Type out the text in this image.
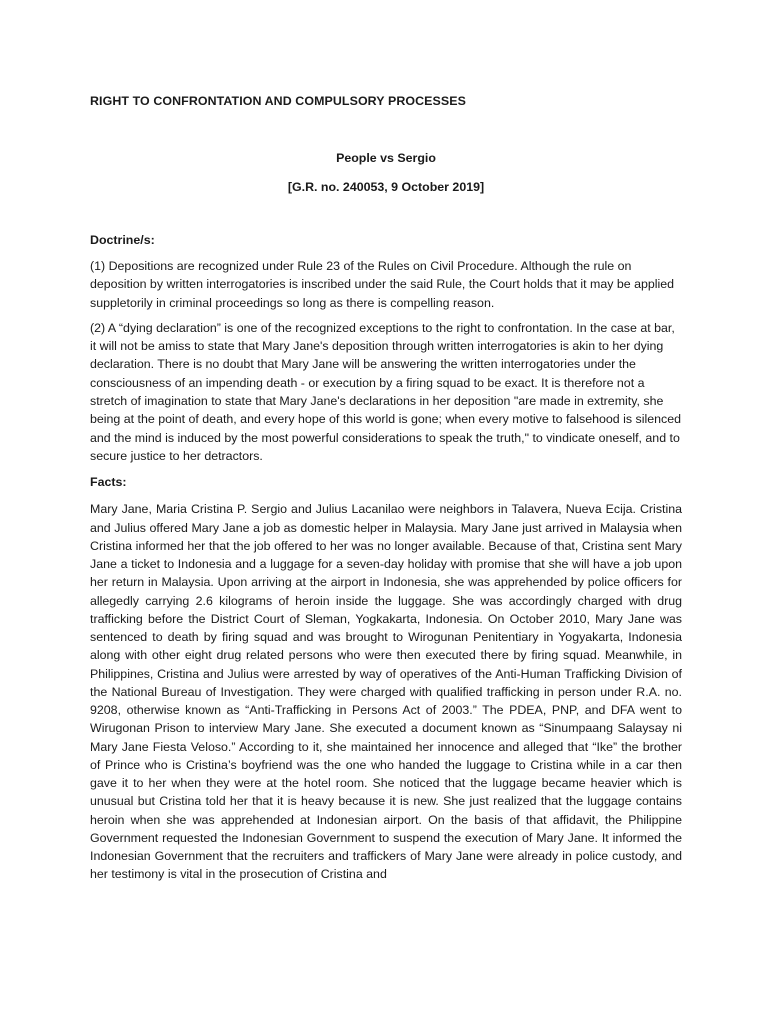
RIGHT TO CONFRONTATION AND COMPULSORY PROCESSES

People vs Sergio

[G.R. no. 240053, 9 October 2019]

Doctrine/s:

(1) Depositions are recognized under Rule 23 of the Rules on Civil Procedure. Although the rule on deposition by written interrogatories is inscribed under the said Rule, the Court holds that it may be applied suppletorily in criminal proceedings so long as there is compelling reason.

(2) A “dying declaration” is one of the recognized exceptions to the right to confrontation. In the case at bar, it will not be amiss to state that Mary Jane's deposition through written interrogatories is akin to her dying declaration. There is no doubt that Mary Jane will be answering the written interrogatories under the consciousness of an impending death - or execution by a firing squad to be exact. It is therefore not a stretch of imagination to state that Mary Jane's declarations in her deposition "are made in extremity, she being at the point of death, and every hope of this world is gone; when every motive to falsehood is silenced and the mind is induced by the most powerful considerations to speak the truth," to vindicate oneself, and to secure justice to her detractors.

Facts:

Mary Jane, Maria Cristina P. Sergio and Julius Lacanilao were neighbors in Talavera, Nueva Ecija. Cristina and Julius offered Mary Jane a job as domestic helper in Malaysia. Mary Jane just arrived in Malaysia when Cristina informed her that the job offered to her was no longer available. Because of that, Cristina sent Mary Jane a ticket to Indonesia and a luggage for a seven-day holiday with promise that she will have a job upon her return in Malaysia. Upon arriving at the airport in Indonesia, she was apprehended by police officers for allegedly carrying 2.6 kilograms of heroin inside the luggage. She was accordingly charged with drug trafficking before the District Court of Sleman, Yogkakarta, Indonesia. On October 2010, Mary Jane was sentenced to death by firing squad and was brought to Wirogunan Penitentiary in Yogyakarta, Indonesia along with other eight drug related persons who were then executed there by firing squad. Meanwhile, in Philippines, Cristina and Julius were arrested by way of operatives of the Anti-Human Trafficking Division of the National Bureau of Investigation. They were charged with qualified trafficking in person under R.A. no. 9208, otherwise known as “Anti-Trafficking in Persons Act of 2003.” The PDEA, PNP, and DFA went to Wirugonan Prison to interview Mary Jane. She executed a document known as “Sinumpaang Salaysay ni Mary Jane Fiesta Veloso.” According to it, she maintained her innocence and alleged that “Ike” the brother of Prince who is Cristina’s boyfriend was the one who handed the luggage to Cristina while in a car then gave it to her when they were at the hotel room. She noticed that the luggage became heavier which is unusual but Cristina told her that it is heavy because it is new. She just realized that the luggage contains heroin when she was apprehended at Indonesian airport. On the basis of that affidavit, the Philippine Government requested the Indonesian Government to suspend the execution of Mary Jane. It informed the Indonesian Government that the recruiters and traffickers of Mary Jane were already in police custody, and her testimony is vital in the prosecution of Cristina and
